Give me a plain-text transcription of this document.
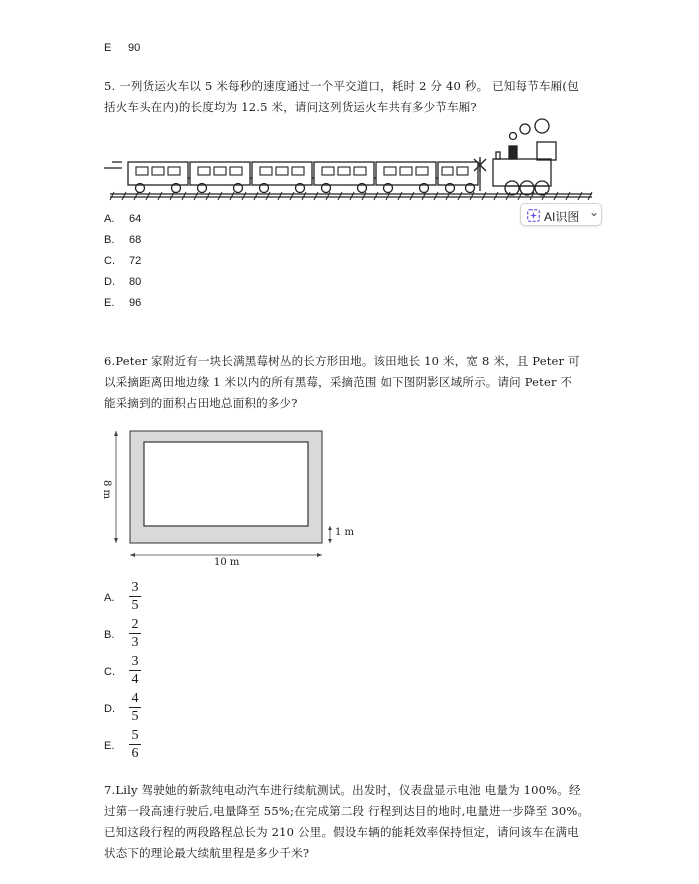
E 90
5. 一列货运火车以 5 米每秒的速度通过一个平交道口，耗时 2 分 40 秒。 已知每节车厢(包
括火车头在内)的长度均为 12.5 米，请问这列货运火车共有多少节车厢?
AI识图 ⌄
A. 64
B. 68
C. 72
D. 80
E. 96
6.Peter 家附近有一块长满黑莓树丛的长方形田地。该田地长 10 米，宽 8 米，且 Peter 可
以采摘距离田地边缘 1 米以内的所有黑莓，采摘范围 如下图阴影区域所示。请问 Peter 不
能采摘到的面积占田地总面积的多少?
8 m
10 m
1 m
A.
3
5
B.
2
3
C.
3
4
D.
4
5
E.
5
6
7.Lily 驾驶她的新款纯电动汽车进行续航测试。出发时，仪表盘显示电池 电量为 100%。经
过第一段高速行驶后,电量降至 55%;在完成第二段 行程到达目的地时,电量进一步降至 30%。
已知这段行程的两段路程总长为 210 公里。假设车辆的能耗效率保持恒定，请问该车在满电
状态下的理论最大续航里程是多少千米?
